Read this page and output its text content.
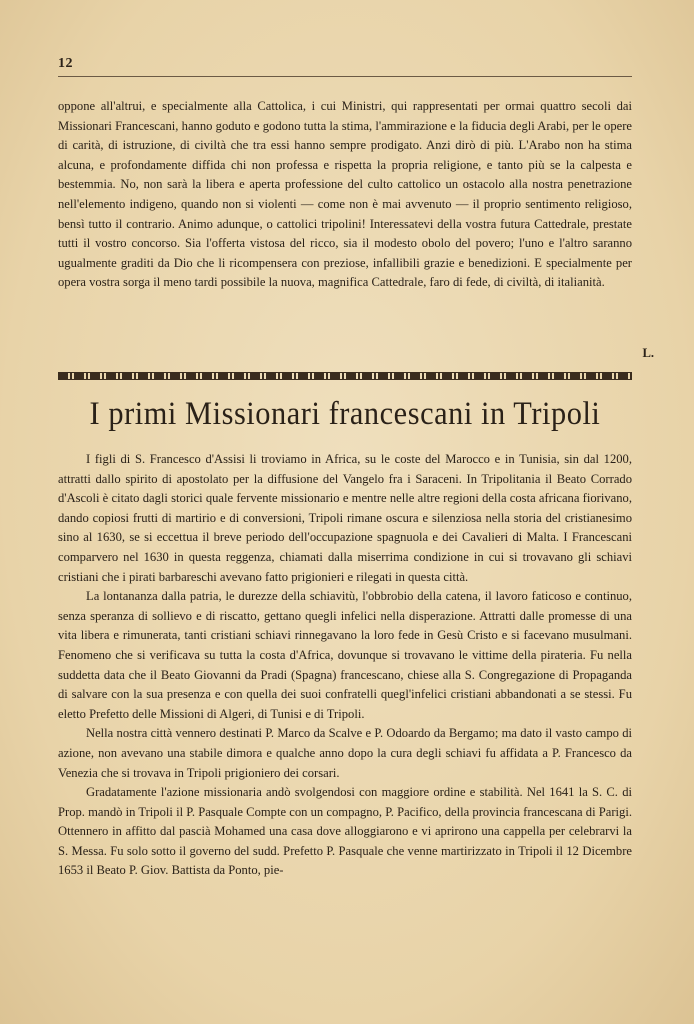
12

oppone all'altrui, e specialmente alla Cattolica, i cui Ministri, qui rappresentati per ormai quattro secoli dai Missionari Francescani, hanno goduto e godono tutta la stima, l'ammirazione e la fiducia degli Arabi, per le opere di carità, di istruzione, di civiltà che tra essi hanno sempre prodigato. Anzi dirò di più. L'Arabo non ha stima alcuna, e profondamente diffida chi non professa e rispetta la propria religione, e tanto più se la calpesta e bestemmia. No, non sarà la libera e aperta professione del culto cattolico un ostacolo alla nostra penetrazione nell'elemento indigeno, quando non si violenti — come non è mai avvenuto — il proprio sentimento religioso, bensì tutto il contrario. Animo adunque, o cattolici tripolini! Interessatevi della vostra futura Cattedrale, prestate tutti il vostro concorso. Sia l'offerta vistosa del ricco, sia il modesto obolo del povero; l'uno e l'altro saranno ugualmente graditi da Dio che li ricompensera con preziose, infallibili grazie e benedizioni. E specialmente per opera vostra sorga il meno tardi possibile la nuova, magnifica Cattedrale, faro di fede, di civiltà, di italianità.

L.
I primi Missionari francescani in Tripoli

I figli di S. Francesco d'Assisi li troviamo in Africa, su le coste del Marocco e in Tunisia, sin dal 1200, attratti dallo spirito di apostolato per la diffusione del Vangelo fra i Saraceni. In Tripolitania il Beato Corrado d'Ascoli è citato dagli storici quale fervente missionario e mentre nelle altre regioni della costa africana fiorivano, dando copiosi frutti di martirio e di conversioni, Tripoli rimane oscura e silenziosa nella storia del cristianesimo sino al 1630, se si eccettua il breve periodo dell'occupazione spagnuola e dei Cavalieri di Malta. I Francescani comparvero nel 1630 in questa reggenza, chiamati dalla miserrima condizione in cui si trovavano gli schiavi cristiani che i pirati barbareschi avevano fatto prigionieri e rilegati in questa città.

La lontananza dalla patria, le durezze della schiavitù, l'obbrobio della catena, il lavoro faticoso e continuo, senza speranza di sollievo e di riscatto, gettano quegli infelici nella disperazione. Attratti dalle promesse di una vita libera e rimunerata, tanti cristiani schiavi rinnegavano la loro fede in Gesù Cristo e si facevano musulmani. Fenomeno che si verificava su tutta la costa d'Africa, dovunque si trovavano le vittime della pirateria. Fu nella suddetta data che il Beato Giovanni da Pradi (Spagna) francescano, chiese alla S. Congregazione di Propaganda di salvare con la sua presenza e con quella dei suoi confratelli quegl'infelici cristiani abbandonati a se stessi. Fu eletto Prefetto delle Missioni di Algeri, di Tunisi e di Tripoli.

Nella nostra città vennero destinati P. Marco da Scalve e P. Odoardo da Bergamo; ma dato il vasto campo di azione, non avevano una stabile dimora e qualche anno dopo la cura degli schiavi fu affidata a P. Francesco da Venezia che si trovava in Tripoli prigioniero dei corsari.

Gradatamente l'azione missionaria andò svolgendosi con maggiore ordine e stabilità. Nel 1641 la S. C. di Prop. mandò in Tripoli il P. Pasquale Compte con un compagno, P. Pacifico, della provincia francescana di Parigi. Ottennero in affitto dal pascià Mohamed una casa dove alloggiarono e vi aprirono una cappella per celebrarvi la S. Messa. Fu solo sotto il governo del sudd. Prefetto P. Pasquale che venne martirizzato in Tripoli il 12 Dicembre 1653 il Beato P. Giov. Battista da Ponto, pie-
